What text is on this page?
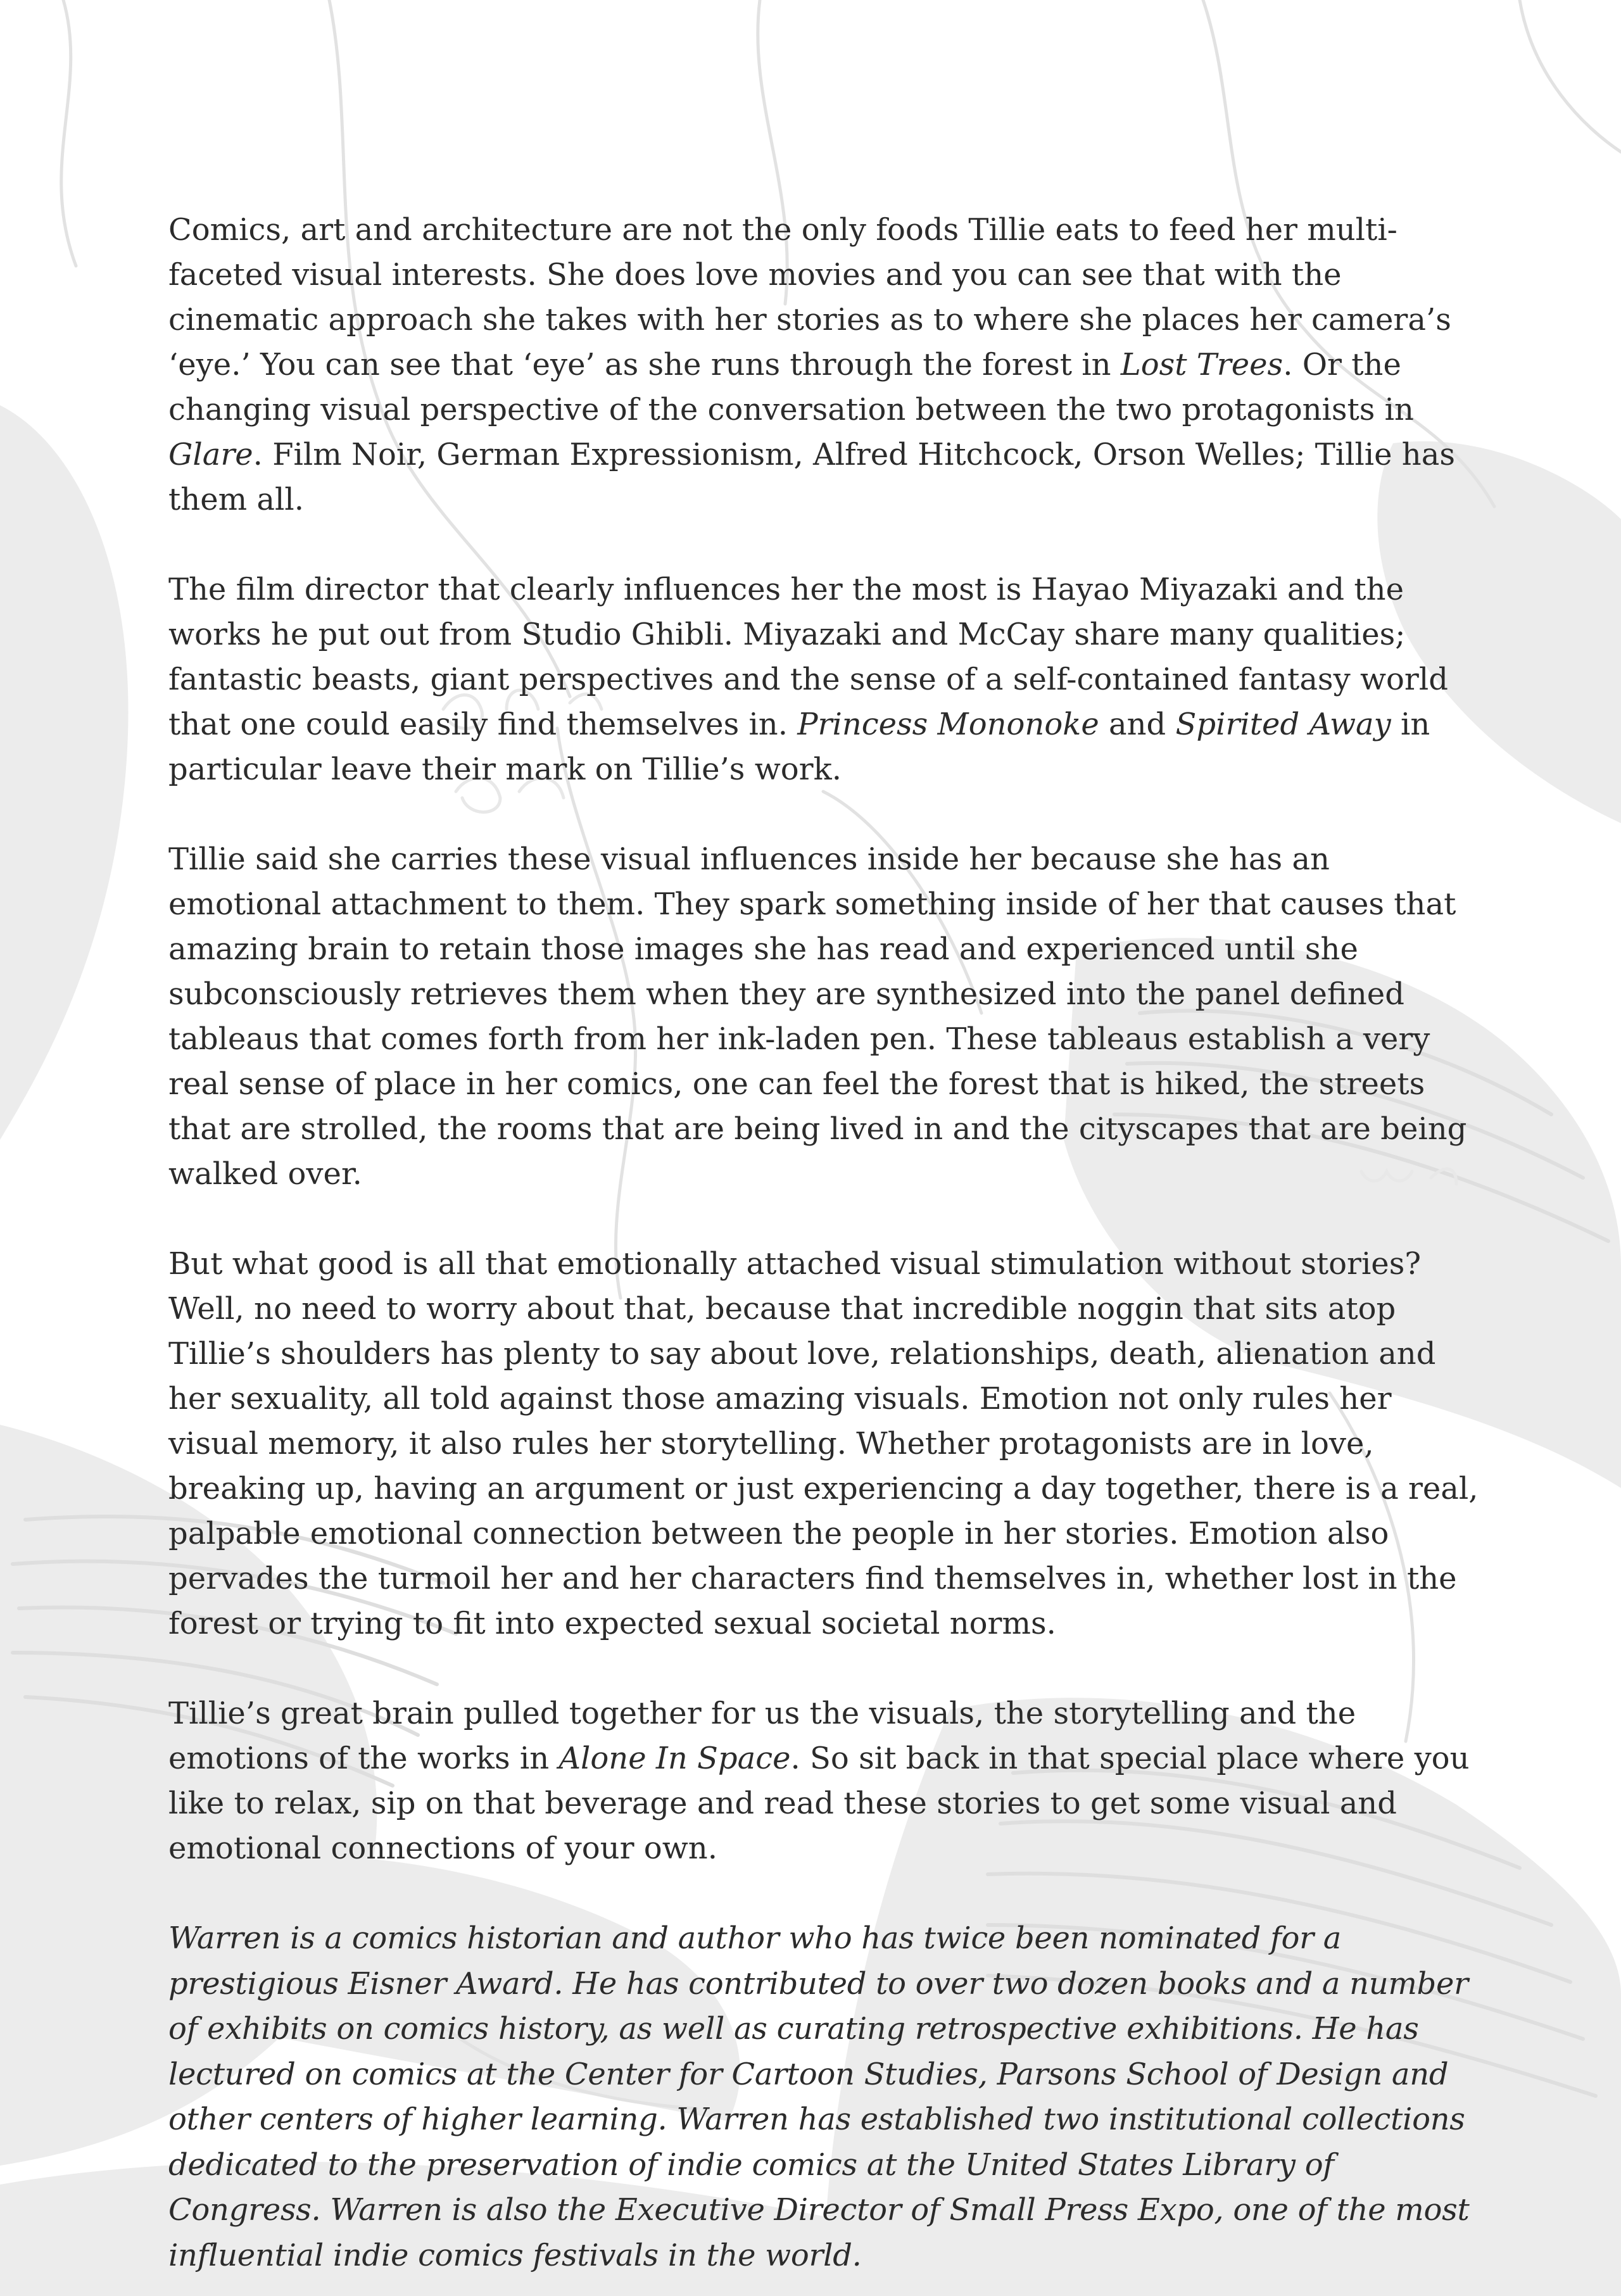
Comics, art and architecture are not the only foods Tillie eats to feed her multi-faceted visual interests. She does love movies and you can see that with the cinematic approach she takes with her stories as to where she places her camera’s ‘eye.’ You can see that ‘eye’ as she runs through the forest in Lost Trees. Or the changing visual perspective of the conversation between the two protagonists in Glare. Film Noir, German Expressionism, Alfred Hitchcock, Orson Welles; Tillie has them all.

The film director that clearly influences her the most is Hayao Miyazaki and the works he put out from Studio Ghibli. Miyazaki and McCay share many qualities; fantastic beasts, giant perspectives and the sense of a self-contained fantasy world that one could easily find themselves in. Princess Mononoke and Spirited Away in particular leave their mark on Tillie’s work.

Tillie said she carries these visual influences inside her because she has an emotional attachment to them. They spark something inside of her that causes that amazing brain to retain those images she has read and experienced until she subconsciously retrieves them when they are synthesized into the panel defined tableaus that comes forth from her ink-laden pen. These tableaus establish a very real sense of place in her comics, one can feel the forest that is hiked, the streets that are strolled, the rooms that are being lived in and the cityscapes that are being walked over.

But what good is all that emotionally attached visual stimulation without stories? Well, no need to worry about that, because that incredible noggin that sits atop Tillie’s shoulders has plenty to say about love, relationships, death, alienation and her sexuality, all told against those amazing visuals. Emotion not only rules her visual memory, it also rules her storytelling. Whether protagonists are in love, breaking up, having an argument or just experiencing a day together, there is a real, palpable emotional connection between the people in her stories. Emotion also pervades the turmoil her and her characters find themselves in, whether lost in the forest or trying to fit into expected sexual societal norms.

Tillie’s great brain pulled together for us the visuals, the storytelling and the emotions of the works in Alone In Space. So sit back in that special place where you like to relax, sip on that beverage and read these stories to get some visual and emotional connections of your own.

Warren is a comics historian and author who has twice been nominated for a prestigious Eisner Award. He has contributed to over two dozen books and a number of exhibits on comics history, as well as curating retrospective exhibitions. He has lectured on comics at the Center for Cartoon Studies, Parsons School of Design and other centers of higher learning. Warren has established two institutional collections dedicated to the preservation of indie comics at the United States Library of Congress. Warren is also the Executive Director of Small Press Expo, one of the most influential indie comics festivals in the world.
